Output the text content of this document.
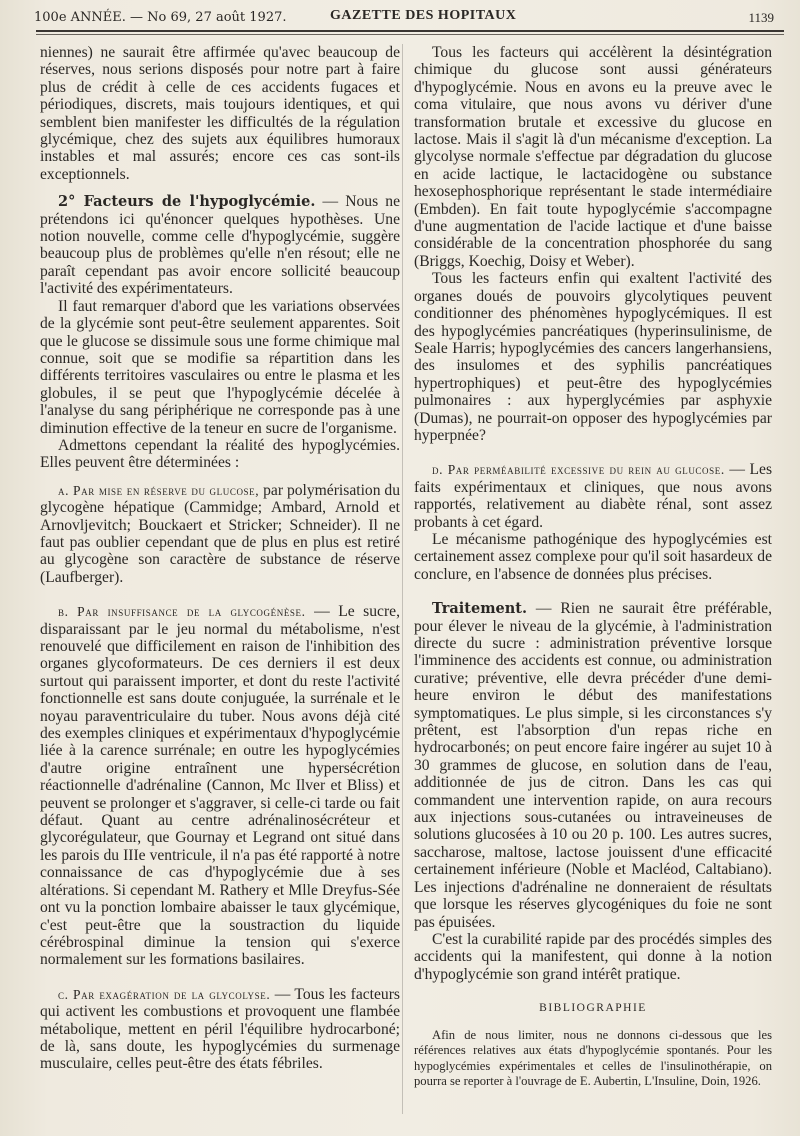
100e ANNÉE. — No 69, 27 août 1927.	GAZETTE DES HOPITAUX	1139

niennes) ne saurait être affirmée qu'avec beaucoup de réserves, nous serions disposés pour notre part à faire plus de crédit à celle de ces accidents fugaces et périodiques, discrets, mais toujours identiques, et qui semblent bien manifester les difficultés de la régulation glycémique, chez des sujets aux équilibres humoraux instables et mal assurés; encore ces cas sont-ils exceptionnels.

2° Facteurs de l'hypoglycémie. — Nous ne prétendons ici qu'énoncer quelques hypothèses. Une notion nouvelle, comme celle d'hypoglycémie, suggère beaucoup plus de problèmes qu'elle n'en résout; elle ne paraît cependant pas avoir encore sollicité beaucoup l'activité des expérimentateurs.

Il faut remarquer d'abord que les variations observées de la glycémie sont peut-être seulement apparentes. Soit que le glucose se dissimule sous une forme chimique mal connue, soit que se modifie sa répartition dans les différents territoires vasculaires ou entre le plasma et les globules, il se peut que l'hypoglycémie décelée à l'analyse du sang périphérique ne corresponde pas à une diminution effective de la teneur en sucre de l'organisme.

Admettons cependant la réalité des hypoglycémies. Elles peuvent être déterminées :

a. Par mise en réserve du glucose, par polymérisation du glycogène hépatique (Cammidge; Ambard, Arnold et Arnovljevitch; Bouckaert et Stricker; Schneider). Il ne faut pas oublier cependant que de plus en plus est retiré au glycogène son caractère de substance de réserve (Laufberger).

b. Par insuffisance de la glycogénèse. — Le sucre, disparaissant par le jeu normal du métabolisme, n'est renouvelé que difficilement en raison de l'inhibition des organes glycoformateurs. De ces derniers il est deux surtout qui paraissent importer, et dont du reste l'activité fonctionnelle est sans doute conjuguée, la surrénale et le noyau paraventriculaire du tuber. Nous avons déjà cité des exemples cliniques et expérimentaux d'hypoglycémie liée à la carence surrénale; en outre les hypoglycémies d'autre origine entraînent une hypersécrétion réactionnelle d'adrénaline (Cannon, Mc Ilver et Bliss) et peuvent se prolonger et s'aggraver, si celle-ci tarde ou fait défaut. Quant au centre adrénalinosécréteur et glycorégulateur, que Gournay et Legrand ont situé dans les parois du IIIe ventricule, il n'a pas été rapporté à notre connaissance de cas d'hypoglycémie due à ses altérations. Si cependant M. Rathery et Mlle Dreyfus-Sée ont vu la ponction lombaire abaisser le taux glycémique, c'est peut-être que la soustraction du liquide cérébrospinal diminue la tension qui s'exerce normalement sur les formations basilaires.

c. Par exagération de la glycolyse. — Tous les facteurs qui activent les combustions et provoquent une flambée métabolique, mettent en péril l'équilibre hydrocarboné; de là, sans doute, les hypoglycémies du surmenage musculaire, celles peut-être des états fébriles.

Tous les facteurs qui accélèrent la désintégration chimique du glucose sont aussi générateurs d'hypoglycémie. Nous en avons eu la preuve avec le coma vitulaire, que nous avons vu dériver d'une transformation brutale et excessive du glucose en lactose. Mais il s'agit là d'un mécanisme d'exception. La glycolyse normale s'effectue par dégradation du glucose en acide lactique, le lactacidogène ou substance hexosephosphorique représentant le stade intermédiaire (Embden). En fait toute hypoglycémie s'accompagne d'une augmentation de l'acide lactique et d'une baisse considérable de la concentration phosphorée du sang (Briggs, Koechig, Doisy et Weber).

Tous les facteurs enfin qui exaltent l'activité des organes doués de pouvoirs glycolytiques peuvent conditionner des phénomènes hypoglycémiques. Il est des hypoglycémies pancréatiques (hyperinsulinisme, de Seale Harris; hypoglycémies des cancers langerhansiens, des insulomes et des syphilis pancréatiques hypertrophiques) et peut-être des hypoglycémies pulmonaires : aux hyperglycémies par asphyxie (Dumas), ne pourrait-on opposer des hypoglycémies par hyperpnée?

d. Par perméabilité excessive du rein au glucose. — Les faits expérimentaux et cliniques, que nous avons rapportés, relativement au diabète rénal, sont assez probants à cet égard.

Le mécanisme pathogénique des hypoglycémies est certainement assez complexe pour qu'il soit hasardeux de conclure, en l'absence de données plus précises.

Traitement. — Rien ne saurait être préférable, pour élever le niveau de la glycémie, à l'administration directe du sucre : administration préventive lorsque l'imminence des accidents est connue, ou administration curative; préventive, elle devra précéder d'une demi-heure environ le début des manifestations symptomatiques. Le plus simple, si les circonstances s'y prêtent, est l'absorption d'un repas riche en hydrocarbonés; on peut encore faire ingérer au sujet 10 à 30 grammes de glucose, en solution dans de l'eau, additionnée de jus de citron. Dans les cas qui commandent une intervention rapide, on aura recours aux injections sous-cutanées ou intraveineuses de solutions glucosées à 10 ou 20 p. 100. Les autres sucres, saccharose, maltose, lactose jouissent d'une efficacité certainement inférieure (Noble et Macléod, Caltabiano). Les injections d'adrénaline ne donneraient de résultats que lorsque les réserves glycogéniques du foie ne sont pas épuisées.

C'est la curabilité rapide par des procédés simples des accidents qui la manifestent, qui donne à la notion d'hypoglycémie son grand intérêt pratique.

BIBLIOGRAPHIE

Afin de nous limiter, nous ne donnons ci-dessous que les références relatives aux états d'hypoglycémie spontanés. Pour les hypoglycémies expérimentales et celles de l'insulinothérapie, on pourra se reporter à l'ouvrage de E. Aubertin, L'Insuline, Doin, 1926.
